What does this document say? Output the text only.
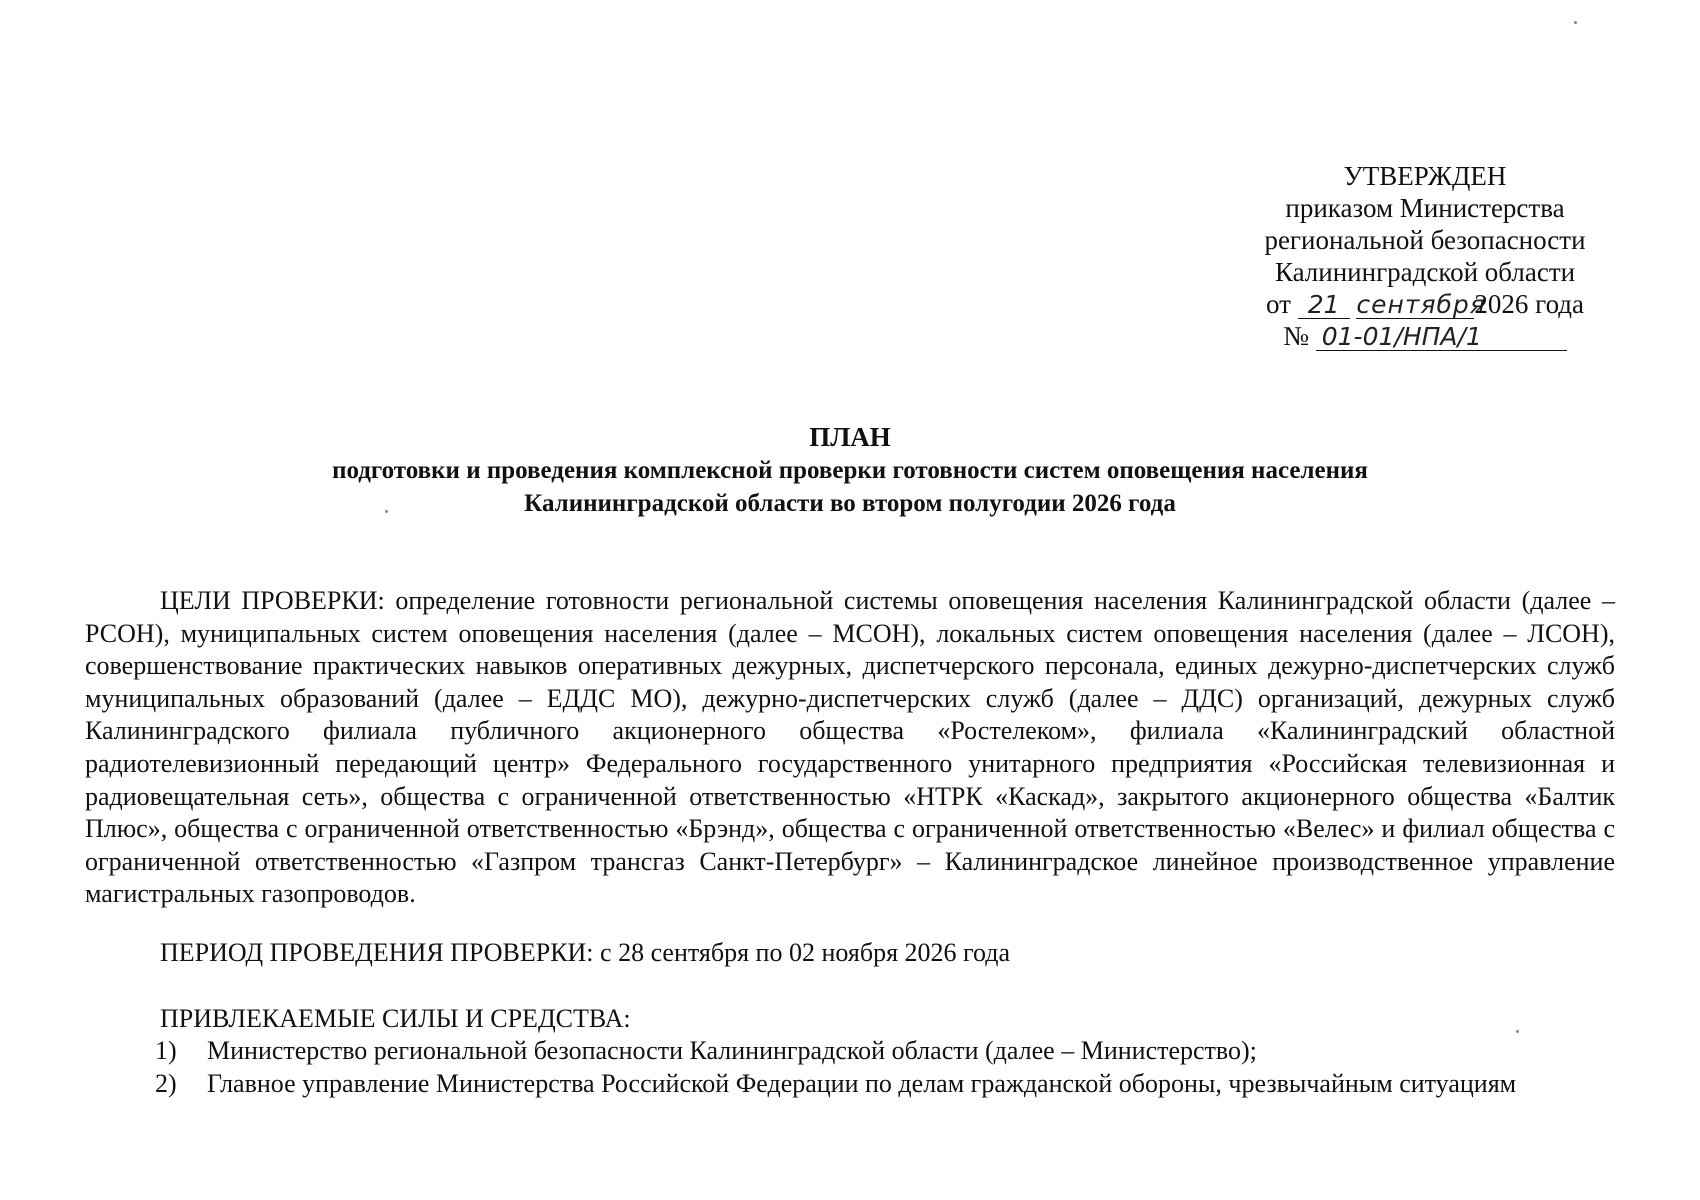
УТВЕРЖДЕН
приказом Министерства
региональной безопасности
Калининградской области
от 21 сентября2026 года
№ 01-01/НПА/1
ПЛАН
подготовки и проведения комплексной проверки готовности систем оповещения населения
Калининградской области во втором полугодии 2026 года

ЦЕЛИ ПРОВЕРКИ: определение готовности региональной системы оповещения населения Калининградской области (далее – РСОН), муниципальных систем оповещения населения (далее – МСОН), локальных систем оповещения населения (далее – ЛСОН), совершенствование практических навыков оперативных дежурных, диспетчерского персонала, единых дежурно-диспетчерских служб муниципальных образований (далее – ЕДДС МО), дежурно-диспетчерских служб (далее – ДДС) организаций, дежурных служб Калининградского филиала публичного акционерного общества «Ростелеком», филиала «Калининградский областной радиотелевизионный передающий центр» Федерального государственного унитарного предприятия «Российская телевизионная и радиовещательная сеть», общества с ограниченной ответственностью «НТРК «Каскад», закрытого акционерного общества «Балтик Плюс», общества с ограниченной ответственностью «Брэнд», общества с ограниченной ответственностью «Велес» и филиал общества с ограниченной ответственностью «Газпром трансгаз Санкт-Петербург» – Калининградское линейное производственное управление магистральных газопроводов.

ПЕРИОД ПРОВЕДЕНИЯ ПРОВЕРКИ: с 28 сентября по 02 ноября 2026 года

ПРИВЛЕКАЕМЫЕ СИЛЫ И СРЕДСТВА:

1)	Министерство региональной безопасности Калининградской области (далее – Министерство);
2)	Главное управление Министерства Российской Федерации по делам гражданской обороны, чрезвычайным ситуациям
